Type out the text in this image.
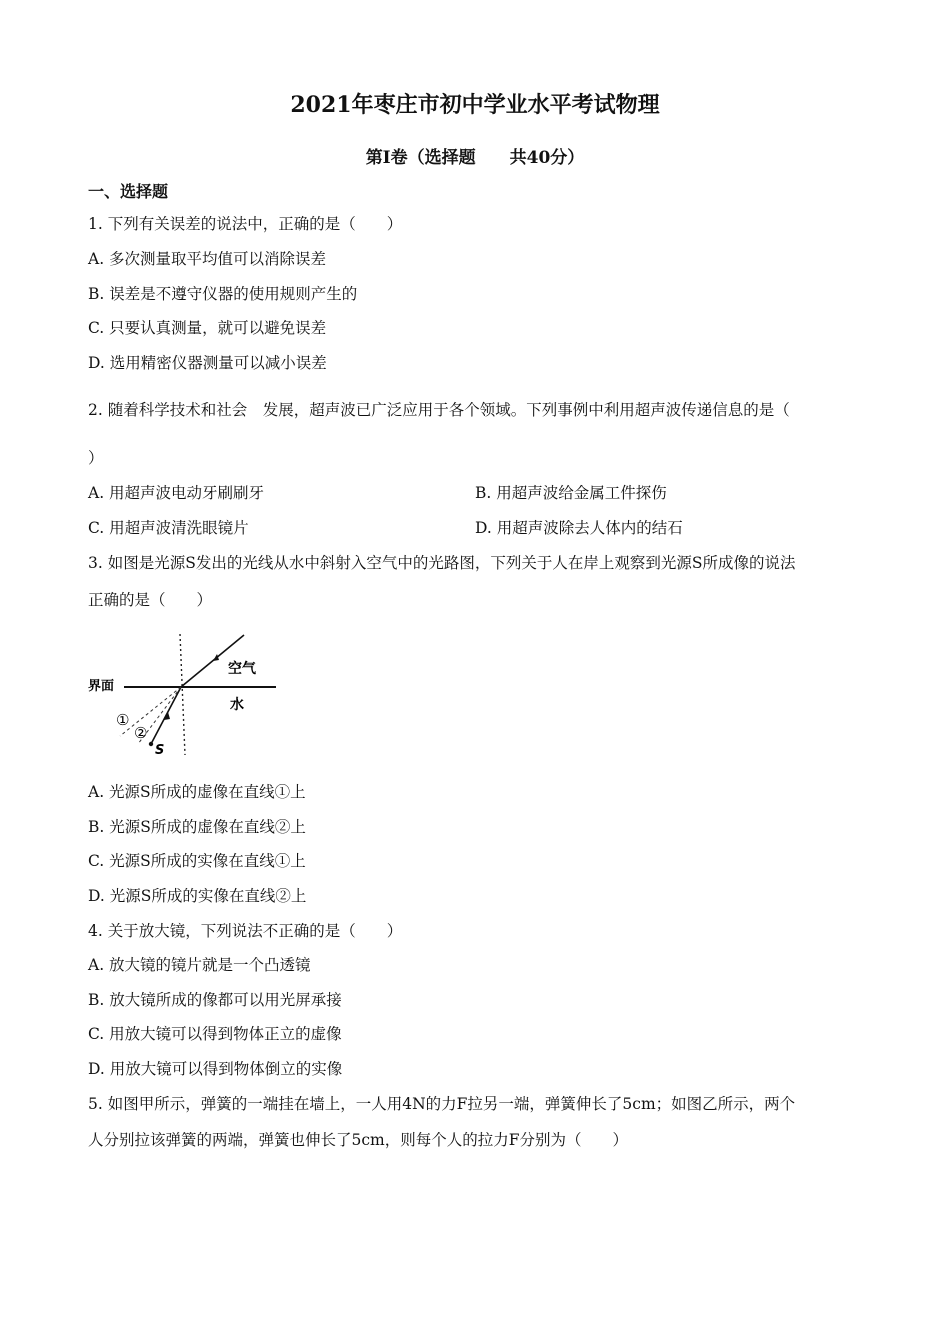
2021年枣庄市初中学业水平考试物理
第Ⅰ卷（选择题　　共40分）
一、选择题
1. 下列有关误差的说法中，正确的是（　　）
A. 多次测量取平均值可以消除误差
B. 误差是不遵守仪器的使用规则产生的
C. 只要认真测量，就可以避免误差
D. 选用精密仪器测量可以减小误差
2. 随着科学技术和社会　发展，超声波已广泛应用于各个领域。下列事例中利用超声波传递信息的是（
）
A. 用超声波电动牙刷刷牙	B. 用超声波给金属工件探伤
C. 用超声波清洗眼镜片	D. 用超声波除去人体内的结石
3. 如图是光源S发出的光线从水中斜射入空气中的光路图，下列关于人在岸上观察到光源S所成像的说法
正确的是（　　）
空气
界面
水
①
②
S
A. 光源S所成的虚像在直线①上
B. 光源S所成的虚像在直线②上
C. 光源S所成的实像在直线①上
D. 光源S所成的实像在直线②上
4. 关于放大镜，下列说法不正确的是（　　）
A. 放大镜的镜片就是一个凸透镜
B. 放大镜所成的像都可以用光屏承接
C. 用放大镜可以得到物体正立的虚像
D. 用放大镜可以得到物体倒立的实像
5. 如图甲所示，弹簧的一端挂在墙上，一人用4N的力F拉另一端，弹簧伸长了5cm；如图乙所示，两个
人分别拉该弹簧的两端，弹簧也伸长了5cm，则每个人的拉力F分别为（　　）
